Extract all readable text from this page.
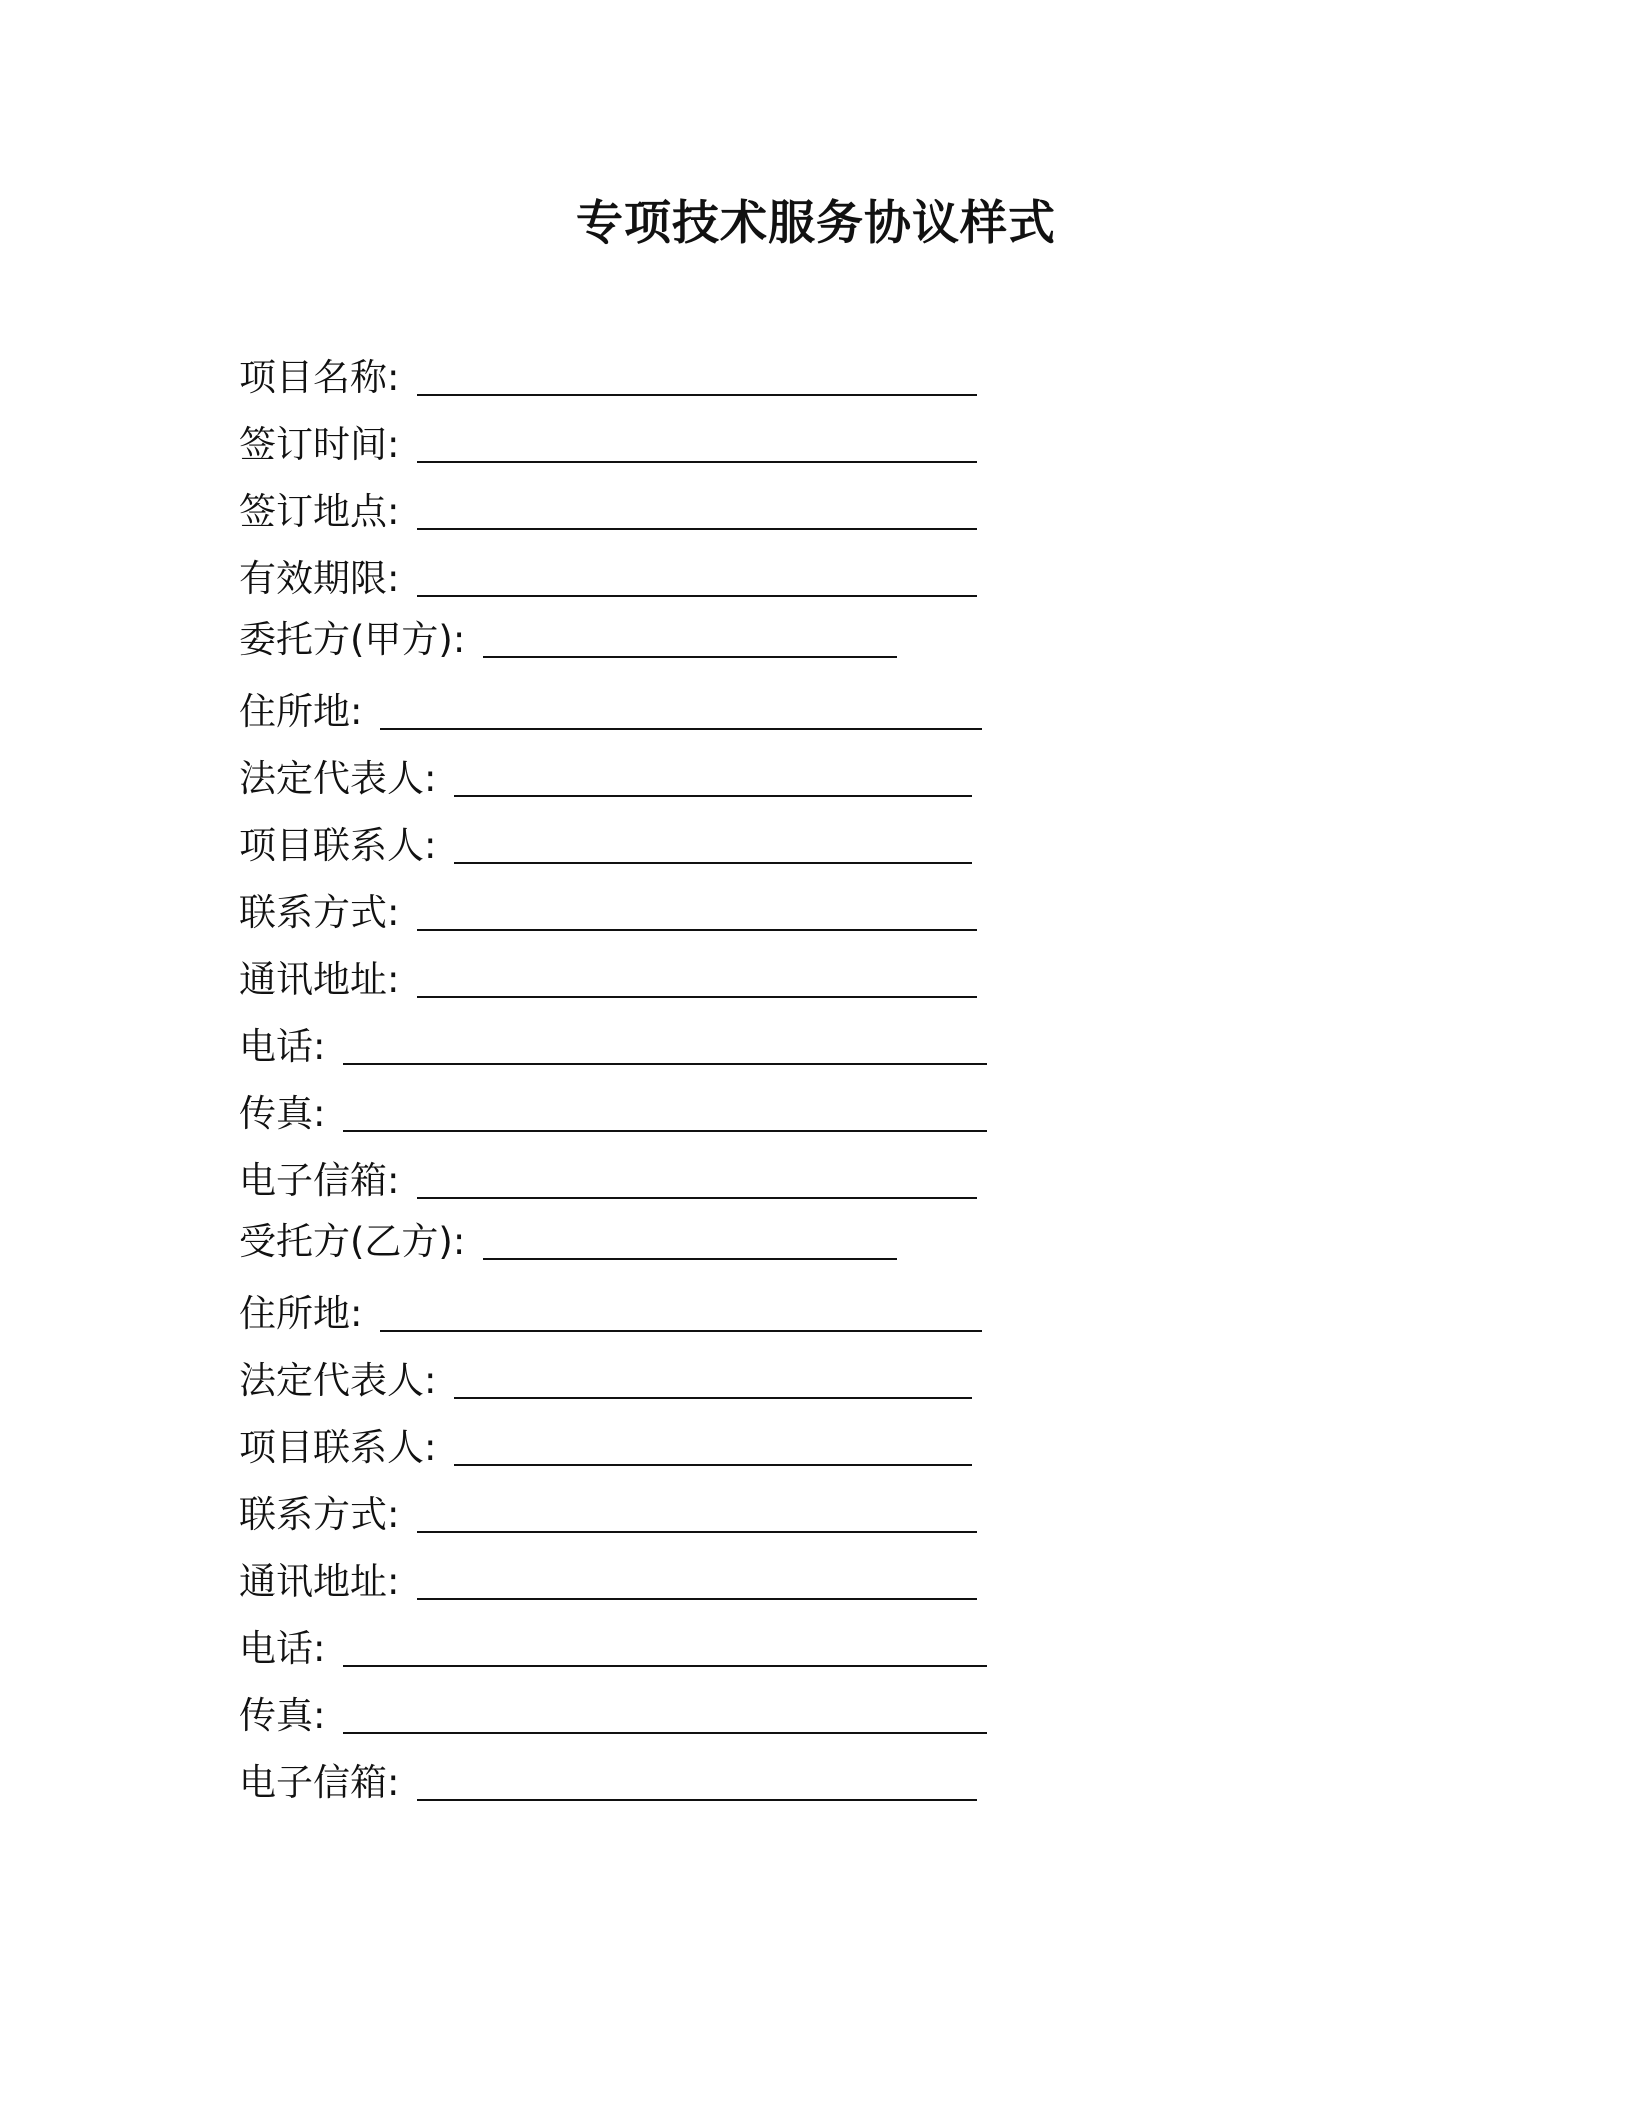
专项技术服务协议样式
项目名称:
签订时间:
签订地点:
有效期限:
委托方(甲方):
住所地:
法定代表人:
项目联系人:
联系方式:
通讯地址:
电话:
传真:
电子信箱:
受托方(乙方):
住所地:
法定代表人:
项目联系人:
联系方式:
通讯地址:
电话:
传真:
电子信箱:
